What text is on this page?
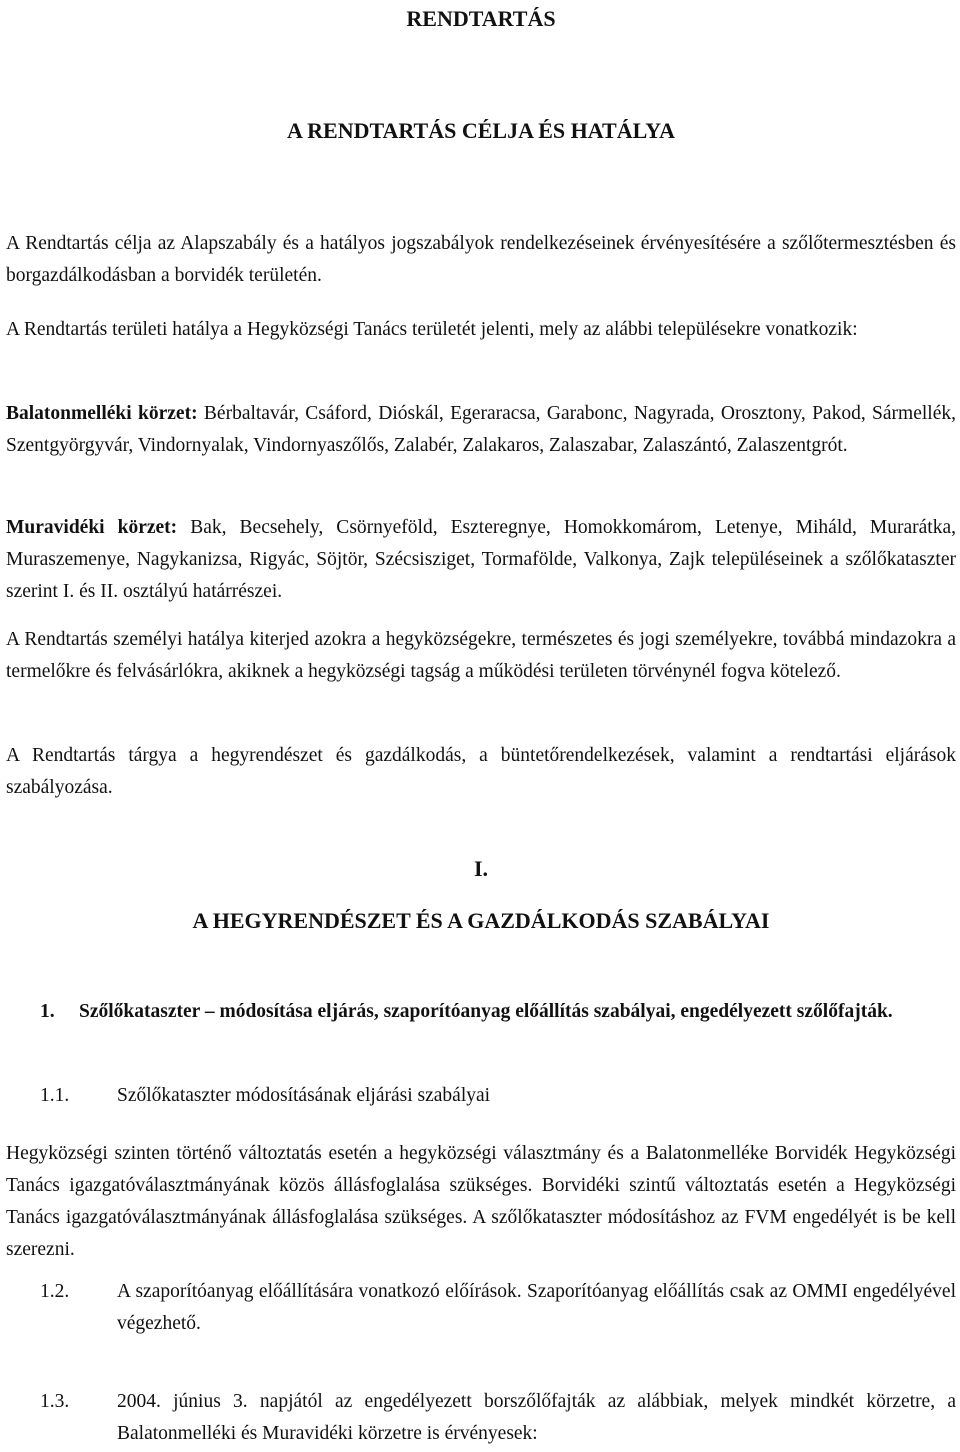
RENDTARTÁS
A RENDTARTÁS CÉLJA ÉS HATÁLYA

A Rendtartás célja az Alapszabály és a hatályos jogszabályok rendelkezéseinek érvényesítésére a szőlőtermesztésben és borgazdálkodásban a borvidék területén.

A Rendtartás területi hatálya a Hegyközségi Tanács területét jelenti, mely az alábbi településekre vonatkozik:

Balatonmelléki körzet: Bérbaltavár, Csáford, Dióskál, Egeraracsa, Garabonc, Nagyrada, Orosztony, Pakod, Sármellék, Szentgyörgyvár, Vindornyalak, Vindornyaszőlős, Zalabér, Zalakaros, Zalaszabar, Zalaszántó, Zalaszentgrót.

Muravidéki körzet: Bak, Becsehely, Csörnyeföld, Eszteregnye, Homokkomárom, Letenye, Miháld, Murarátka, Muraszemenye, Nagykanizsa, Rigyác, Söjtör, Szécsisziget, Tormafölde, Valkonya, Zajk településeinek a szőlőkataszter szerint I. és II. osztályú határrészei.

A Rendtartás személyi hatálya kiterjed azokra a hegyközségekre, természetes és jogi személyekre, továbbá mindazokra a termelőkre és felvásárlókra, akiknek a hegyközségi tagság a működési területen törvénynél fogva kötelező.

A Rendtartás tárgya a hegyrendészet és gazdálkodás, a büntetőrendelkezések, valamint a rendtartási eljárások szabályozása.

I.
A HEGYRENDÉSZET ÉS A GAZDÁLKODÁS SZABÁLYAI
1. Szőlőkataszter – módosítása eljárás, szaporítóanyag előállítás szabályai, engedélyezett szőlőfajták.
1.1. Szőlőkataszter módosításának eljárási szabályai

Hegyközségi szinten történő változtatás esetén a hegyközségi választmány és a Balatonmelléke Borvidék Hegyközségi Tanács igazgatóválasztmányának közös állásfoglalása szükséges. Borvidéki szintű változtatás esetén a Hegyközségi Tanács igazgatóválasztmányának állásfoglalása szükséges. A szőlőkataszter módosításhoz az FVM engedélyét is be kell szerezni.

1.2. A szaporítóanyag előállítására vonatkozó előírások. Szaporítóanyag előállítás csak az OMMI engedélyével végezhető.
1.3. 2004. június 3. napjától az engedélyezett borszőlőfajták az alábbiak, melyek mindkét körzetre, a Balatonmelléki és Muravidéki körzetre is érvényesek:
